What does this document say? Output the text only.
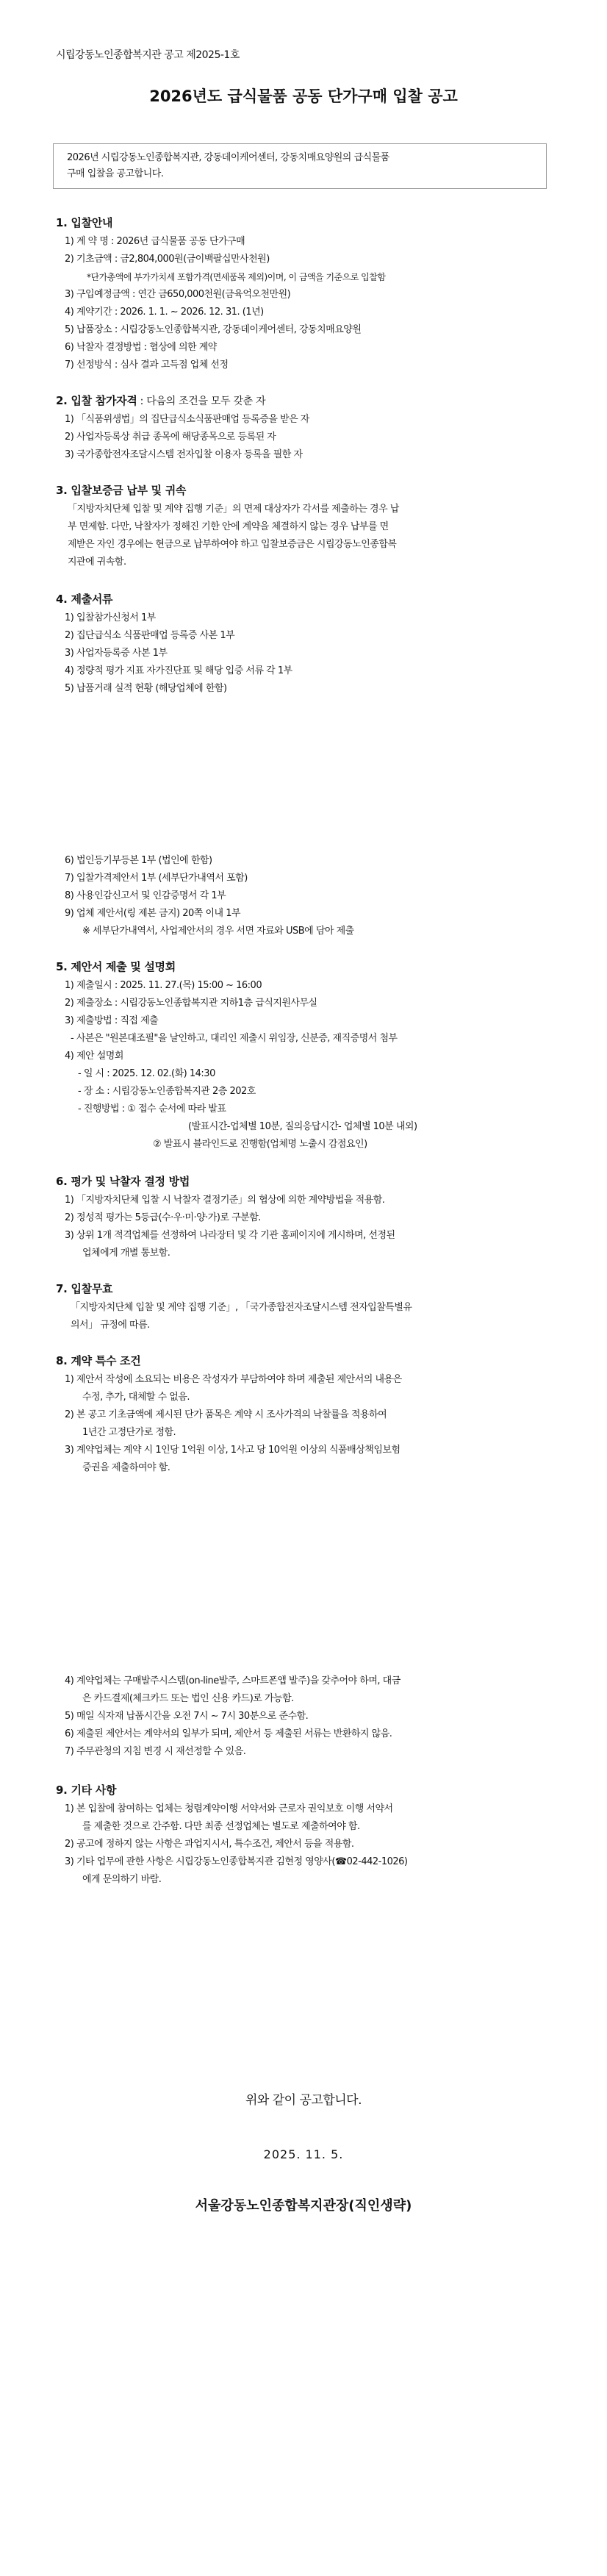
시립강동노인종합복지관 공고 제2025-1호
2026년도 급식물품 공동 단가구매 입찰 공고
2026년 시립강동노인종합복지관, 강동데이케어센터, 강동치매요양원의 급식물품
구매 입찰을 공고합니다.
1. 입찰안내
1) 계 약 명 : 2026년 급식물품 공동 단가구매
2) 기초금액 : 금2,804,000원(금이백팔십만사천원)
*단가총액에 부가가치세 포함가격(면세품목 제외)이며, 이 금액을 기준으로 입찰함
3) 구입예정금액 : 연간 금650,000천원(금육억오천만원)
4) 계약기간 : 2026. 1. 1. ∼ 2026. 12. 31. (1년)
5) 납품장소 : 시립강동노인종합복지관, 강동데이케어센터, 강동치매요양원
6) 낙찰자 결정방법 : 협상에 의한 계약
7) 선정방식 : 심사 결과 고득점 업체 선정
2. 입찰 참가자격 : 다음의 조건을 모두 갖춘 자
1) 「식품위생법」의 집단급식소식품판매업 등록증을 받은 자
2) 사업자등록상 취급 종목에 해당종목으로 등록된 자
3) 국가종합전자조달시스템 전자입찰 이용자 등록을 필한 자
3. 입찰보증금 납부 및 귀속
「지방자치단체 입찰 및 계약 집행 기준」의 면제 대상자가 각서를 제출하는 경우 납
부 면제함. 다만, 낙찰자가 정해진 기한 안에 계약을 체결하지 않는 경우 납부를 면
제받은 자인 경우에는 현금으로 납부하여야 하고 입찰보증금은 시립강동노인종합복
지관에 귀속함.
4. 제출서류
1) 입찰참가신청서 1부
2) 집단급식소 식품판매업 등록증 사본 1부
3) 사업자등록증 사본 1부
4) 정량적 평가 지표 자가진단표 및 해당 입증 서류 각 1부
5) 납품거래 실적 현황 (해당업체에 한함)
6) 법인등기부등본 1부 (법인에 한함)
7) 입찰가격제안서 1부 (세부단가내역서 포함)
8) 사용인감신고서 및 인감증명서 각 1부
9) 업체 제안서(링 제본 금지) 20쪽 이내 1부
※ 세부단가내역서, 사업제안서의 경우 서면 자료와 USB에 담아 제출
5. 제안서 제출 및 설명회
1) 제출일시 : 2025. 11. 27.(목) 15:00 ∼ 16:00
2) 제출장소 : 시립강동노인종합복지관 지하1층 급식지원사무실
3) 제출방법 : 직접 제출
- 사본은 "원본대조필"을 날인하고, 대리인 제출시 위임장, 신분증, 재직증명서 첨부
4) 제안 설명회
- 일 시 : 2025. 12. 02.(화) 14:30
- 장 소 : 시립강동노인종합복지관 2층 202호
- 진행방법 : ① 접수 순서에 따라 발표
(발표시간-업체별 10분, 질의응답시간- 업체별 10분 내외)
② 발표시 블라인드로 진행함(업체명 노출시 감점요인)
6. 평가 및 낙찰자 결정 방법
1) 「지방자치단체 입찰 시 낙찰자 결정기준」의 협상에 의한 계약방법을 적용함.
2) 정성적 평가는 5등급(수·우·미·양·가)로 구분함.
3) 상위 1개 적격업체를 선정하여 나라장터 및 각 기관 홈페이지에 게시하며, 선정된
업체에게 개별 통보함.
7. 입찰무효
「지방자치단체 입찰 및 계약 집행 기준」, 「국가종합전자조달시스템 전자입찰특별유
의서」 규정에 따름.
8. 계약 특수 조건
1) 제안서 작성에 소요되는 비용은 작성자가 부담하여야 하며 제출된 제안서의 내용은
수정, 추가, 대체할 수 없음.
2) 본 공고 기초금액에 제시된 단가 품목은 계약 시 조사가격의 낙찰률을 적용하여
1년간 고정단가로 정함.
3) 계약업체는 계약 시 1인당 1억원 이상, 1사고 당 10억원 이상의 식품배상책임보험
증권을 제출하여야 함.
4) 계약업체는 구매발주시스템(on-line발주, 스마트폰앱 발주)을 갖추어야 하며, 대금
은 카드결제(체크카드 또는 법인 신용 카드)로 가능함.
5) 매일 식자재 납품시간을 오전 7시 ∼ 7시 30분으로 준수함.
6) 제출된 제안서는 계약서의 일부가 되며, 제안서 등 제출된 서류는 반환하지 않음.
7) 주무관청의 지침 변경 시 재선정할 수 있음.
9. 기타 사항
1) 본 입찰에 참여하는 업체는 청렴계약이행 서약서와 근로자 권익보호 이행 서약서
를 제출한 것으로 간주함. 다만 최종 선정업체는 별도로 제출하여야 함.
2) 공고에 정하지 않는 사항은 과업지시서, 특수조건, 제안서 등을 적용함.
3) 기타 업무에 관한 사항은 시립강동노인종합복지관 김현정 영양사(☎02-442-1026)
에게 문의하기 바람.
위와 같이 공고합니다.
2025. 11. 5.
서울강동노인종합복지관장(직인생략)
